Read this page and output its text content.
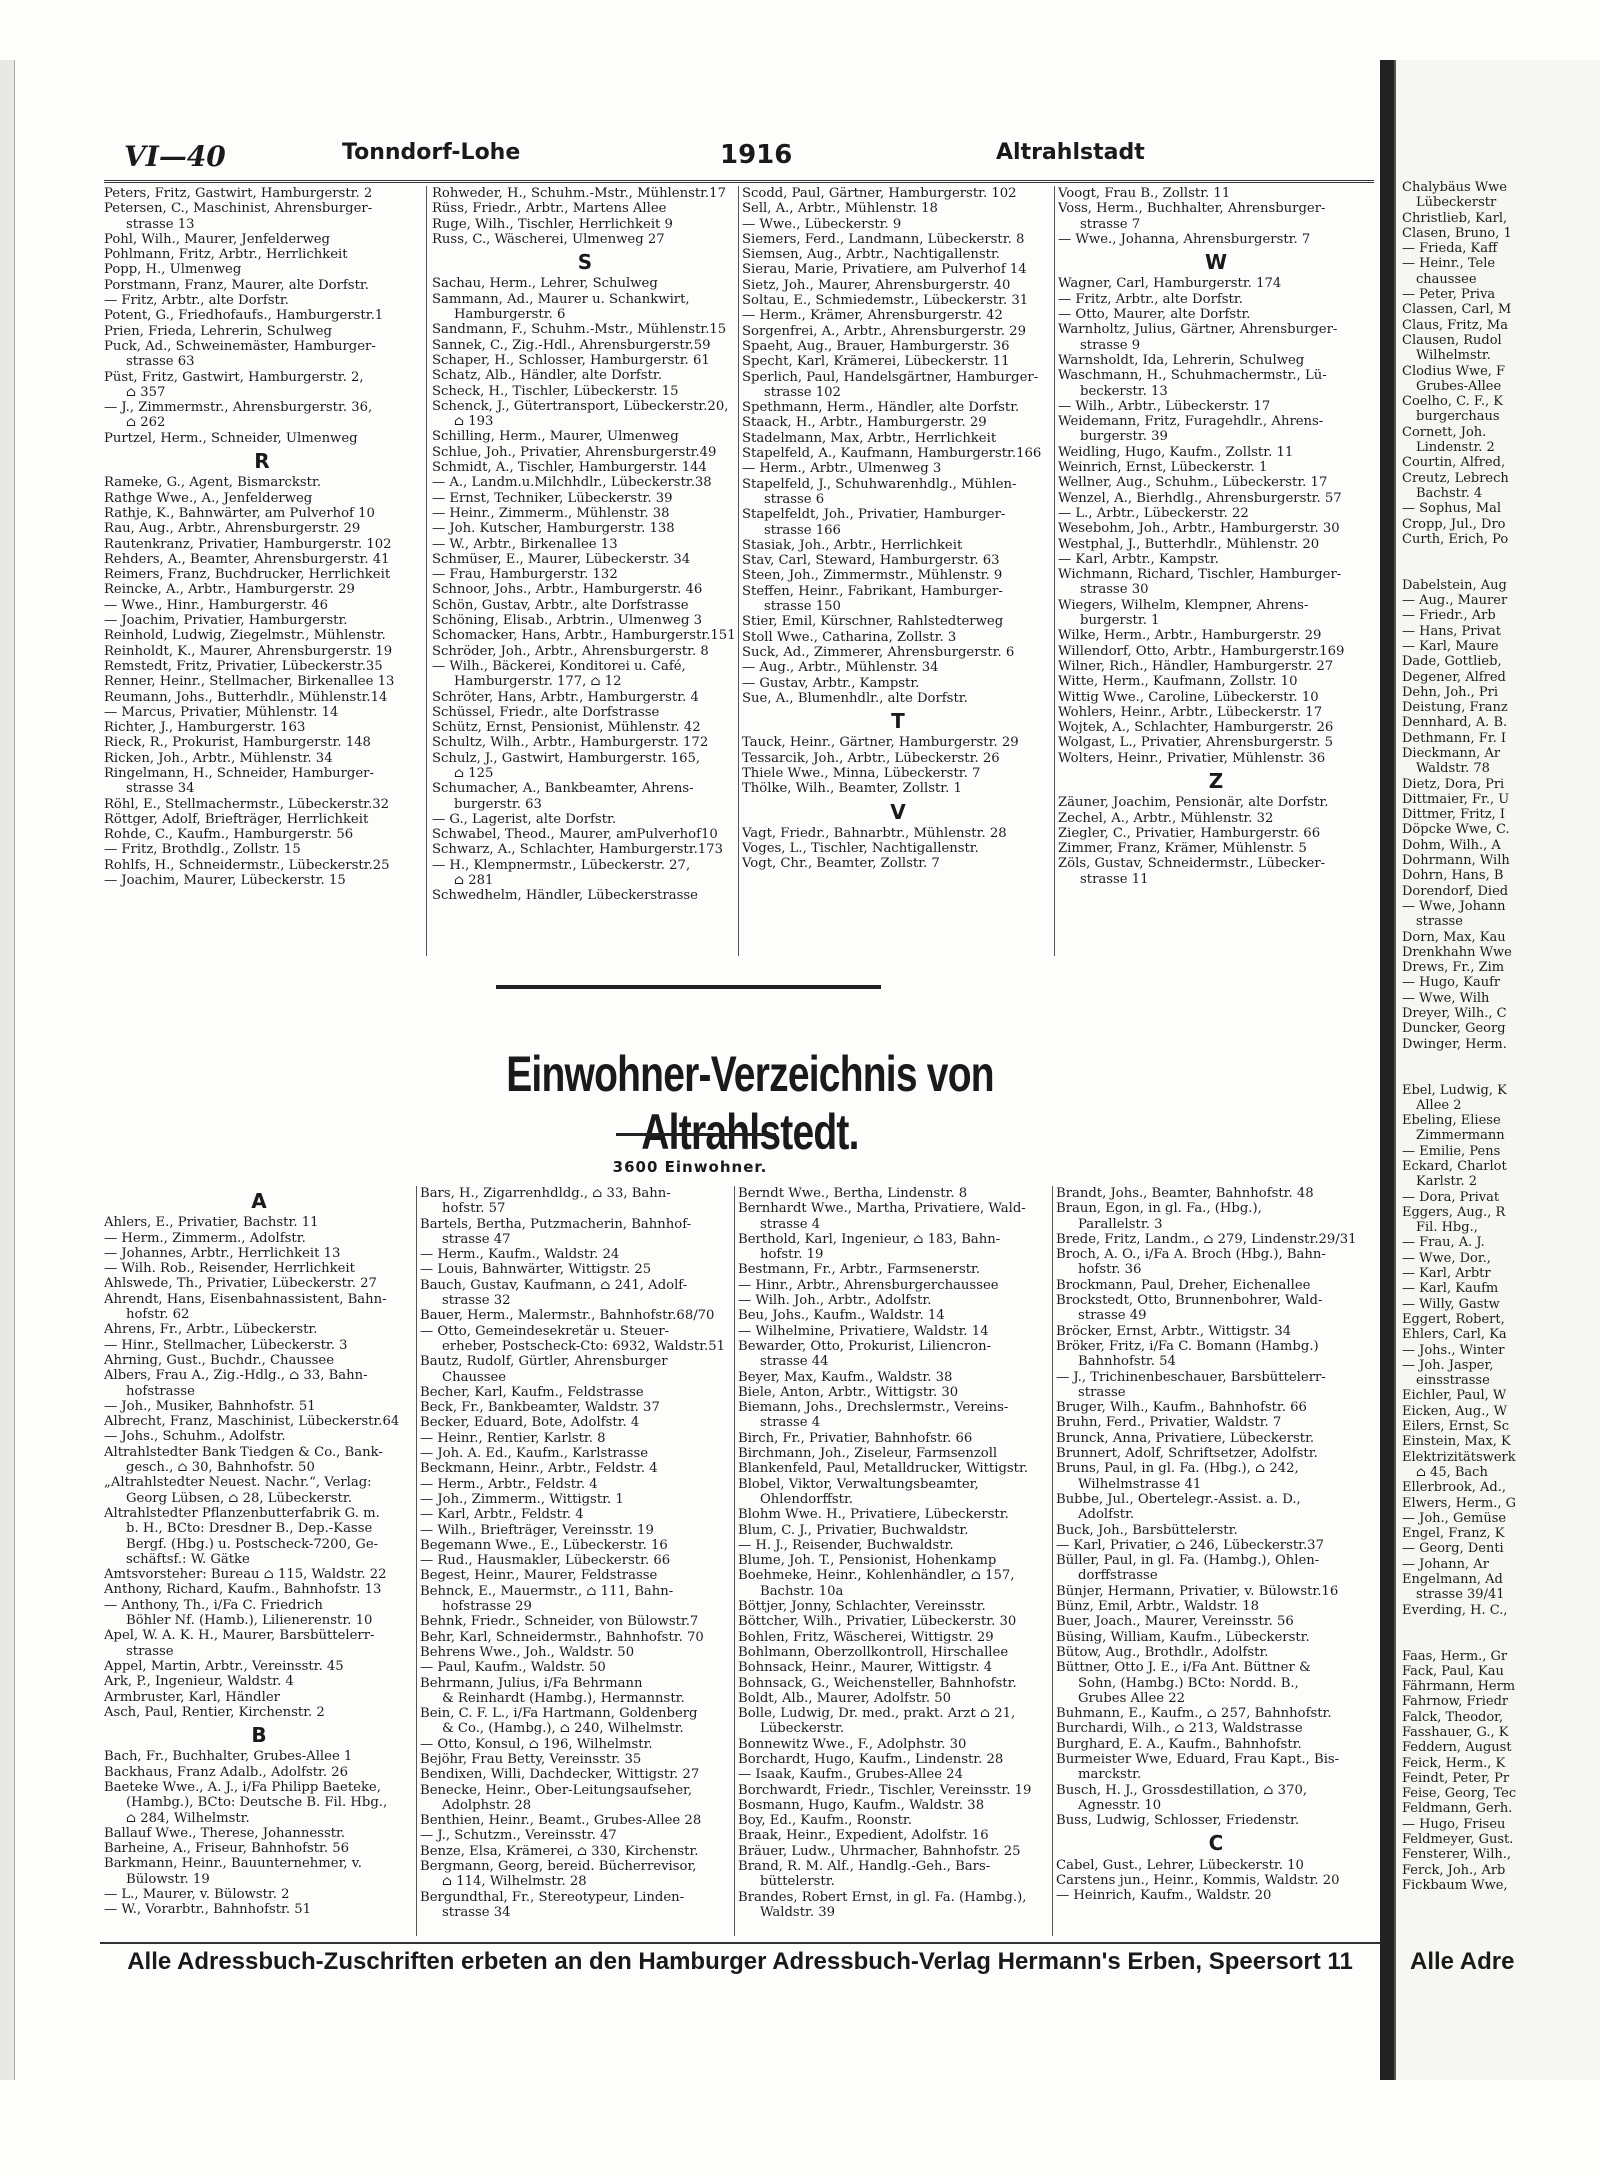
VI—40	Tonndorf-Lohe	1916	Altrahlstadt
Peters, Fritz, Gastwirt, Hamburgerstr. 2
Petersen, C., Maschinist, Ahrensburger-
strasse 13
Pohl, Wilh., Maurer, Jenfelderweg
Pohlmann, Fritz, Arbtr., Herrlichkeit
Popp, H., Ulmenweg
Porstmann, Franz, Maurer, alte Dorfstr.
— Fritz, Arbtr., alte Dorfstr.
Potent, G., Friedhofaufs., Hamburgerstr.1
Prien, Frieda, Lehrerin, Schulweg
Puck, Ad., Schweinemäster, Hamburger-
strasse 63
Püst, Fritz, Gastwirt, Hamburgerstr. 2,
⌂ 357
— J., Zimmermstr., Ahrensburgerstr. 36,
⌂ 262
Purtzel, Herm., Schneider, Ulmenweg
R
Rameke, G., Agent, Bismarckstr.
Rathge Wwe., A., Jenfelderweg
Rathje, K., Bahnwärter, am Pulverhof 10
Rau, Aug., Arbtr., Ahrensburgerstr. 29
Rautenkranz, Privatier, Hamburgerstr. 102
Rehders, A., Beamter, Ahrensburgerstr. 41
Reimers, Franz, Buchdrucker, Herrlichkeit
Reincke, A., Arbtr., Hamburgerstr. 29
— Wwe., Hinr., Hamburgerstr. 46
— Joachim, Privatier, Hamburgerstr.
Reinhold, Ludwig, Ziegelmstr., Mühlenstr.
Reinholdt, K., Maurer, Ahrensburgerstr. 19
Remstedt, Fritz, Privatier, Lübeckerstr.35
Renner, Heinr., Stellmacher, Birkenallee 13
Reumann, Johs., Butterhdlr., Mühlenstr.14
— Marcus, Privatier, Mühlenstr. 14
Richter, J., Hamburgerstr. 163
Rieck, R., Prokurist, Hamburgerstr. 148
Ricken, Joh., Arbtr., Mühlenstr. 34
Ringelmann, H., Schneider, Hamburger-
strasse 34
Röhl, E., Stellmachermstr., Lübeckerstr.32
Röttger, Adolf, Briefträger, Herrlichkeit
Rohde, C., Kaufm., Hamburgerstr. 56
— Fritz, Brothdlg., Zollstr. 15
Rohlfs, H., Schneidermstr., Lübeckerstr.25
— Joachim, Maurer, Lübeckerstr. 15
Rohweder, H., Schuhm.-Mstr., Mühlenstr.17
Rüss, Friedr., Arbtr., Martens Allee
Ruge, Wilh., Tischler, Herrlichkeit 9
Russ, C., Wäscherei, Ulmenweg 27
S
Sachau, Herm., Lehrer, Schulweg
Sammann, Ad., Maurer u. Schankwirt,
Hamburgerstr. 6
Sandmann, F., Schuhm.-Mstr., Mühlenstr.15
Sannek, C., Zig.-Hdl., Ahrensburgerstr.59
Schaper, H., Schlosser, Hamburgerstr. 61
Schatz, Alb., Händler, alte Dorfstr.
Scheck, H., Tischler, Lübeckerstr. 15
Schenck, J., Gütertransport, Lübeckerstr.20,
⌂ 193
Schilling, Herm., Maurer, Ulmenweg
Schlue, Joh., Privatier, Ahrensburgerstr.49
Schmidt, A., Tischler, Hamburgerstr. 144
— A., Landm.u.Milchhdlr., Lübeckerstr.38
— Ernst, Techniker, Lübeckerstr. 39
— Heinr., Zimmerm., Mühlenstr. 38
— Joh. Kutscher, Hamburgerstr. 138
— W., Arbtr., Birkenallee 13
Schmüser, E., Maurer, Lübeckerstr. 34
— Frau, Hamburgerstr. 132
Schnoor, Johs., Arbtr., Hamburgerstr. 46
Schön, Gustav, Arbtr., alte Dorfstrasse
Schöning, Elisab., Arbtrin., Ulmenweg 3
Schomacker, Hans, Arbtr., Hamburgerstr.151
Schröder, Joh., Arbtr., Ahrensburgerstr. 8
— Wilh., Bäckerei, Konditorei u. Café,
Hamburgerstr. 177, ⌂ 12
Schröter, Hans, Arbtr., Hamburgerstr. 4
Schüssel, Friedr., alte Dorfstrasse
Schütz, Ernst, Pensionist, Mühlenstr. 42
Schultz, Wilh., Arbtr., Hamburgerstr. 172
Schulz, J., Gastwirt, Hamburgerstr. 165,
⌂ 125
Schumacher, A., Bankbeamter, Ahrens-
burgerstr. 63
— G., Lagerist, alte Dorfstr.
Schwabel, Theod., Maurer, amPulverhof10
Schwarz, A., Schlachter, Hamburgerstr.173
— H., Klempnermstr., Lübeckerstr. 27,
⌂ 281
Schwedhelm, Händler, Lübeckerstrasse
Scodd, Paul, Gärtner, Hamburgerstr. 102
Sell, A., Arbtr., Mühlenstr. 18
— Wwe., Lübeckerstr. 9
Siemers, Ferd., Landmann, Lübeckerstr. 8
Siemsen, Aug., Arbtr., Nachtigallenstr.
Sierau, Marie, Privatiere, am Pulverhof 14
Sietz, Joh., Maurer, Ahrensburgerstr. 40
Soltau, E., Schmiedemstr., Lübeckerstr. 31
— Herm., Krämer, Ahrensburgerstr. 42
Sorgenfrei, A., Arbtr., Ahrensburgerstr. 29
Spaeht, Aug., Brauer, Hamburgerstr. 36
Specht, Karl, Krämerei, Lübeckerstr. 11
Sperlich, Paul, Handelsgärtner, Hamburger-
strasse 102
Spethmann, Herm., Händler, alte Dorfstr.
Staack, H., Arbtr., Hamburgerstr. 29
Stadelmann, Max, Arbtr., Herrlichkeit
Stapelfeld, A., Kaufmann, Hamburgerstr.166
— Herm., Arbtr., Ulmenweg 3
Stapelfeld, J., Schuhwarenhdlg., Mühlen-
strasse 6
Stapelfeldt, Joh., Privatier, Hamburger-
strasse 166
Stasiak, Joh., Arbtr., Herrlichkeit
Stav, Carl, Steward, Hamburgerstr. 63
Steen, Joh., Zimmermstr., Mühlenstr. 9
Steffen, Heinr., Fabrikant, Hamburger-
strasse 150
Stier, Emil, Kürschner, Rahlstedterweg
Stoll Wwe., Catharina, Zollstr. 3
Suck, Ad., Zimmerer, Ahrensburgerstr. 6
— Aug., Arbtr., Mühlenstr. 34
— Gustav, Arbtr., Kampstr.
Sue, A., Blumenhdlr., alte Dorfstr.
T
Tauck, Heinr., Gärtner, Hamburgerstr. 29
Tessarcik, Joh., Arbtr., Lübeckerstr. 26
Thiele Wwe., Minna, Lübeckerstr. 7
Thölke, Wilh., Beamter, Zollstr. 1
V
Vagt, Friedr., Bahnarbtr., Mühlenstr. 28
Voges, L., Tischler, Nachtigallenstr.
Vogt, Chr., Beamter, Zollstr. 7
Voogt, Frau B., Zollstr. 11
Voss, Herm., Buchhalter, Ahrensburger-
strasse 7
— Wwe., Johanna, Ahrensburgerstr. 7
W
Wagner, Carl, Hamburgerstr. 174
— Fritz, Arbtr., alte Dorfstr.
— Otto, Maurer, alte Dorfstr.
Warnholtz, Julius, Gärtner, Ahrensburger-
strasse 9
Warnsholdt, Ida, Lehrerin, Schulweg
Waschmann, H., Schuhmachermstr., Lü-
beckerstr. 13
— Wilh., Arbtr., Lübeckerstr. 17
Weidemann, Fritz, Furagehdlr., Ahrens-
burgerstr. 39
Weidling, Hugo, Kaufm., Zollstr. 11
Weinrich, Ernst, Lübeckerstr. 1
Wellner, Aug., Schuhm., Lübeckerstr. 17
Wenzel, A., Bierhdlg., Ahrensburgerstr. 57
— L., Arbtr., Lübeckerstr. 22
Wesebohm, Joh., Arbtr., Hamburgerstr. 30
Westphal, J., Butterhdlr., Mühlenstr. 20
— Karl, Arbtr., Kampstr.
Wichmann, Richard, Tischler, Hamburger-
strasse 30
Wiegers, Wilhelm, Klempner, Ahrens-
burgerstr. 1
Wilke, Herm., Arbtr., Hamburgerstr. 29
Willendorf, Otto, Arbtr., Hamburgerstr.169
Wilner, Rich., Händler, Hamburgerstr. 27
Witte, Herm., Kaufmann, Zollstr. 10
Wittig Wwe., Caroline, Lübeckerstr. 10
Wohlers, Heinr., Arbtr., Lübeckerstr. 17
Wojtek, A., Schlachter, Hamburgerstr. 26
Wolgast, L., Privatier, Ahrensburgerstr. 5
Wolters, Heinr., Privatier, Mühlenstr. 36
Z
Zäuner, Joachim, Pensionär, alte Dorfstr.
Zechel, A., Arbtr., Mühlenstr. 32
Ziegler, C., Privatier, Hamburgerstr. 66
Zimmer, Franz, Krämer, Mühlenstr. 5
Zöls, Gustav, Schneidermstr., Lübecker-
strasse 11
Einwohner-Verzeichnis von Altrahlstedt.
3600 Einwohner.
A
Ahlers, E., Privatier, Bachstr. 11
— Herm., Zimmerm., Adolfstr.
— Johannes, Arbtr., Herrlichkeit 13
— Wilh. Rob., Reisender, Herrlichkeit
Ahlswede, Th., Privatier, Lübeckerstr. 27
Ahrendt, Hans, Eisenbahnassistent, Bahn-
hofstr. 62
Ahrens, Fr., Arbtr., Lübeckerstr.
— Hinr., Stellmacher, Lübeckerstr. 3
Ahrning, Gust., Buchdr., Chaussee
Albers, Frau A., Zig.-Hdlg., ⌂ 33, Bahn-
hofstrasse
— Joh., Musiker, Bahnhofstr. 51
Albrecht, Franz, Maschinist, Lübeckerstr.64
— Johs., Schuhm., Adolfstr.
Altrahlstedter Bank Tiedgen & Co., Bank-
gesch., ⌂ 30, Bahnhofstr. 50
„Altrahlstedter Neuest. Nachr.“, Verlag:
Georg Lübsen, ⌂ 28, Lübeckerstr.
Altrahlstedter Pflanzenbutterfabrik G. m.
b. H., BCto: Dresdner B., Dep.-Kasse
Bergf. (Hbg.) u. Postscheck-7200, Ge-
schäftsf.: W. Gätke
Amtsvorsteher: Bureau ⌂ 115, Waldstr. 22
Anthony, Richard, Kaufm., Bahnhofstr. 13
— Anthony, Th., i/Fa C. Friedrich
Böhler Nf. (Hamb.), Lilienerenstr. 10
Apel, W. A. K. H., Maurer, Barsbüttelerr-
strasse
Appel, Martin, Arbtr., Vereinsstr. 45
Ark, P., Ingenieur, Waldstr. 4
Armbruster, Karl, Händler
Asch, Paul, Rentier, Kirchenstr. 2
B
Bach, Fr., Buchhalter, Grubes-Allee 1
Backhaus, Franz Adalb., Adolfstr. 26
Baeteke Wwe., A. J., i/Fa Philipp Baeteke,
(Hambg.), BCto: Deutsche B. Fil. Hbg.,
⌂ 284, Wilhelmstr.
Ballauf Wwe., Therese, Johannesstr.
Barheine, A., Friseur, Bahnhofstr. 56
Barkmann, Heinr., Bauunternehmer, v.
Bülowstr. 19
— L., Maurer, v. Bülowstr. 2
— W., Vorarbtr., Bahnhofstr. 51
Bars, H., Zigarrenhdldg., ⌂ 33, Bahn-
hofstr. 57
Bartels, Bertha, Putzmacherin, Bahnhof-
strasse 47
— Herm., Kaufm., Waldstr. 24
— Louis, Bahnwärter, Wittigstr. 25
Bauch, Gustav, Kaufmann, ⌂ 241, Adolf-
strasse 32
Bauer, Herm., Malermstr., Bahnhofstr.68/70
— Otto, Gemeindesekretär u. Steuer-
erheber, Postscheck-Cto: 6932, Waldstr.51
Bautz, Rudolf, Gürtler, Ahrensburger
Chaussee
Becher, Karl, Kaufm., Feldstrasse
Beck, Fr., Bankbeamter, Waldstr. 37
Becker, Eduard, Bote, Adolfstr. 4
— Heinr., Rentier, Karlstr. 8
— Joh. A. Ed., Kaufm., Karlstrasse
Beckmann, Heinr., Arbtr., Feldstr. 4
— Herm., Arbtr., Feldstr. 4
— Joh., Zimmerm., Wittigstr. 1
— Karl, Arbtr., Feldstr. 4
— Wilh., Briefträger, Vereinsstr. 19
Begemann Wwe., E., Lübeckerstr. 16
— Rud., Hausmakler, Lübeckerstr. 66
Begest, Heinr., Maurer, Feldstrasse
Behnck, E., Mauermstr., ⌂ 111, Bahn-
hofstrasse 29
Behnk, Friedr., Schneider, von Bülowstr.7
Behr, Karl, Schneidermstr., Bahnhofstr. 70
Behrens Wwe., Joh., Waldstr. 50
— Paul, Kaufm., Waldstr. 50
Behrmann, Julius, i/Fa Behrmann
& Reinhardt (Hambg.), Hermannstr.
Bein, C. F. L., i/Fa Hartmann, Goldenberg
& Co., (Hambg.), ⌂ 240, Wilhelmstr.
— Otto, Konsul, ⌂ 196, Wilhelmstr.
Bejöhr, Frau Betty, Vereinsstr. 35
Bendixen, Willi, Dachdecker, Wittigstr. 27
Benecke, Heinr., Ober-Leitungsaufseher,
Adolphstr. 28
Benthien, Heinr., Beamt., Grubes-Allee 28
— J., Schutzm., Vereinsstr. 47
Benze, Elsa, Krämerei, ⌂ 330, Kirchenstr.
Bergmann, Georg, bereid. Bücherrevisor,
⌂ 114, Wilhelmstr. 28
Bergundthal, Fr., Stereotypeur, Linden-
strasse 34
Berndt Wwe., Bertha, Lindenstr. 8
Bernhardt Wwe., Martha, Privatiere, Wald-
strasse 4
Berthold, Karl, Ingenieur, ⌂ 183, Bahn-
hofstr. 19
Bestmann, Fr., Arbtr., Farmsenerstr.
— Hinr., Arbtr., Ahrensburgerchaussee
— Wilh. Joh., Arbtr., Adolfstr.
Beu, Johs., Kaufm., Waldstr. 14
— Wilhelmine, Privatiere, Waldstr. 14
Bewarder, Otto, Prokurist, Liliencron-
strasse 44
Beyer, Max, Kaufm., Waldstr. 38
Biele, Anton, Arbtr., Wittigstr. 30
Biemann, Johs., Drechslermstr., Vereins-
strasse 4
Birch, Fr., Privatier, Bahnhofstr. 66
Birchmann, Joh., Ziseleur, Farmsenzoll
Blankenfeld, Paul, Metalldrucker, Wittigstr.
Blobel, Viktor, Verwaltungsbeamter,
Ohlendorffstr.
Blohm Wwe. H., Privatiere, Lübeckerstr.
Blum, C. J., Privatier, Buchwaldstr.
— H. J., Reisender, Buchwaldstr.
Blume, Joh. T., Pensionist, Hohenkamp
Boehmeke, Heinr., Kohlenhändler, ⌂ 157,
Bachstr. 10a
Böttjer, Jonny, Schlachter, Vereinsstr.
Böttcher, Wilh., Privatier, Lübeckerstr. 30
Bohlen, Fritz, Wäscherei, Wittigstr. 29
Bohlmann, Oberzollkontroll, Hirschallee
Bohnsack, Heinr., Maurer, Wittigstr. 4
Bohnsack, G., Weichensteller, Bahnhofstr.
Boldt, Alb., Maurer, Adolfstr. 50
Bolle, Ludwig, Dr. med., prakt. Arzt ⌂ 21,
Lübeckerstr.
Bonnewitz Wwe., F., Adolphstr. 30
Borchardt, Hugo, Kaufm., Lindenstr. 28
— Isaak, Kaufm., Grubes-Allee 24
Borchwardt, Friedr., Tischler, Vereinsstr. 19
Bosmann, Hugo, Kaufm., Waldstr. 38
Boy, Ed., Kaufm., Roonstr.
Braak, Heinr., Expedient, Adolfstr. 16
Bräuer, Ludw., Uhrmacher, Bahnhofstr. 25
Brand, R. M. Alf., Handlg.-Geh., Bars-
büttelerstr.
Brandes, Robert Ernst, in gl. Fa. (Hambg.),
Waldstr. 39
Brandt, Johs., Beamter, Bahnhofstr. 48
Braun, Egon, in gl. Fa., (Hbg.),
Parallelstr. 3
Brede, Fritz, Landm., ⌂ 279, Lindenstr.29/31
Broch, A. O., i/Fa A. Broch (Hbg.), Bahn-
hofstr. 36
Brockmann, Paul, Dreher, Eichenallee
Brockstedt, Otto, Brunnenbohrer, Wald-
strasse 49
Bröcker, Ernst, Arbtr., Wittigstr. 34
Bröker, Fritz, i/Fa C. Bomann (Hambg.)
Bahnhofstr. 54
— J., Trichinenbeschauer, Barsbüttelerr-
strasse
Bruger, Wilh., Kaufm., Bahnhofstr. 66
Bruhn, Ferd., Privatier, Waldstr. 7
Brunck, Anna, Privatiere, Lübeckerstr.
Brunnert, Adolf, Schriftsetzer, Adolfstr.
Bruns, Paul, in gl. Fa. (Hbg.), ⌂ 242,
Wilhelmstrasse 41
Bubbe, Jul., Obertelegr.-Assist. a. D.,
Adolfstr.
Buck, Joh., Barsbüttelerstr.
— Karl, Privatier, ⌂ 246, Lübeckerstr.37
Büller, Paul, in gl. Fa. (Hambg.), Ohlen-
dorffstrasse
Bünjer, Hermann, Privatier, v. Bülowstr.16
Bünz, Emil, Arbtr., Waldstr. 18
Buer, Joach., Maurer, Vereinsstr. 56
Büsing, William, Kaufm., Lübeckerstr.
Bütow, Aug., Brothdlr., Adolfstr.
Büttner, Otto J. E., i/Fa Ant. Büttner &
Sohn, (Hambg.) BCto: Nordd. B.,
Grubes Allee 22
Buhmann, E., Kaufm., ⌂ 257, Bahnhofstr.
Burchardi, Wilh., ⌂ 213, Waldstrasse
Burghard, E. A., Kaufm., Bahnhofstr.
Burmeister Wwe, Eduard, Frau Kapt., Bis-
marckstr.
Busch, H. J., Grossdestillation, ⌂ 370,
Agnesstr. 10
Buss, Ludwig, Schlosser, Friedenstr.
C
Cabel, Gust., Lehrer, Lübeckerstr. 10
Carstens jun., Heinr., Kommis, Waldstr. 20
— Heinrich, Kaufm., Waldstr. 20
Alle Adressbuch-Zuschriften erbeten an den Hamburger Adressbuch-Verlag Hermann's Erben, Speersort 11
Chalybäus Wwe
Lübeckerstr
Christlieb, Karl,
Clasen, Bruno, 1
— Frieda, Kaff
— Heinr., Tele
chaussee
— Peter, Priva
Classen, Carl, M
Claus, Fritz, Ma
Clausen, Rudol
Wilhelmstr.
Clodius Wwe, F
Grubes-Allee
Coelho, C. F., K
burgerchaus
Cornett, Joh.
Lindenstr. 2
Courtin, Alfred,
Creutz, Lebrech
Bachstr. 4
— Sophus, Mal
Cropp, Jul., Dro
Curth, Erich, Po

Dabelstein, Aug
— Aug., Maurer
— Friedr., Arb
— Hans, Privat
— Karl, Maure
Dade, Gottlieb,
Degener, Alfred
Dehn, Joh., Pri
Deistung, Franz
Dennhard, A. B.
Dethmann, Fr. I
Dieckmann, Ar
Waldstr. 78
Dietz, Dora, Pri
Dittmaier, Fr., U
Dittmer, Fritz, I
Döpcke Wwe, C.
Dohm, Wilh., A
Dohrmann, Wilh
Dohrn, Hans, B
Dorendorf, Died
— Wwe, Johann
strasse
Dorn, Max, Kau
Drenkhahn Wwe
Drews, Fr., Zim
— Hugo, Kaufr
— Wwe, Wilh
Dreyer, Wilh., C
Duncker, Georg
Dwinger, Herm.

Ebel, Ludwig, K
Allee 2
Ebeling, Eliese
Zimmermann
— Emilie, Pens
Eckard, Charlot
Karlstr. 2
— Dora, Privat
Eggers, Aug., R
Fil. Hbg.,
— Frau, A. J.
— Wwe, Dor.,
— Karl, Arbtr
— Karl, Kaufm
— Willy, Gastw
Eggert, Robert,
Ehlers, Carl, Ka
— Johs., Winter
— Joh. Jasper,
einsstrasse
Eichler, Paul, W
Eicken, Aug., W
Eilers, Ernst, Sc
Einstein, Max, K
Elektrizitätswerk
⌂ 45, Bach
Ellerbrook, Ad.,
Elwers, Herm., G
— Joh., Gemüse
Engel, Franz, K
— Georg, Denti
— Johann, Ar
Engelmann, Ad
strasse 39/41
Everding, H. C.,

Faas, Herm., Gr
Fack, Paul, Kau
Fährmann, Herm
Fahrnow, Friedr
Falck, Theodor,
Fasshauer, G., K
Feddern, August
Feick, Herm., K
Feindt, Peter, Pr
Feise, Georg, Tec
Feldmann, Gerh.
— Hugo, Friseu
Feldmeyer, Gust.
Fensterer, Wilh.,
Ferck, Joh., Arb
Fickbaum Wwe,
Alle Adre
